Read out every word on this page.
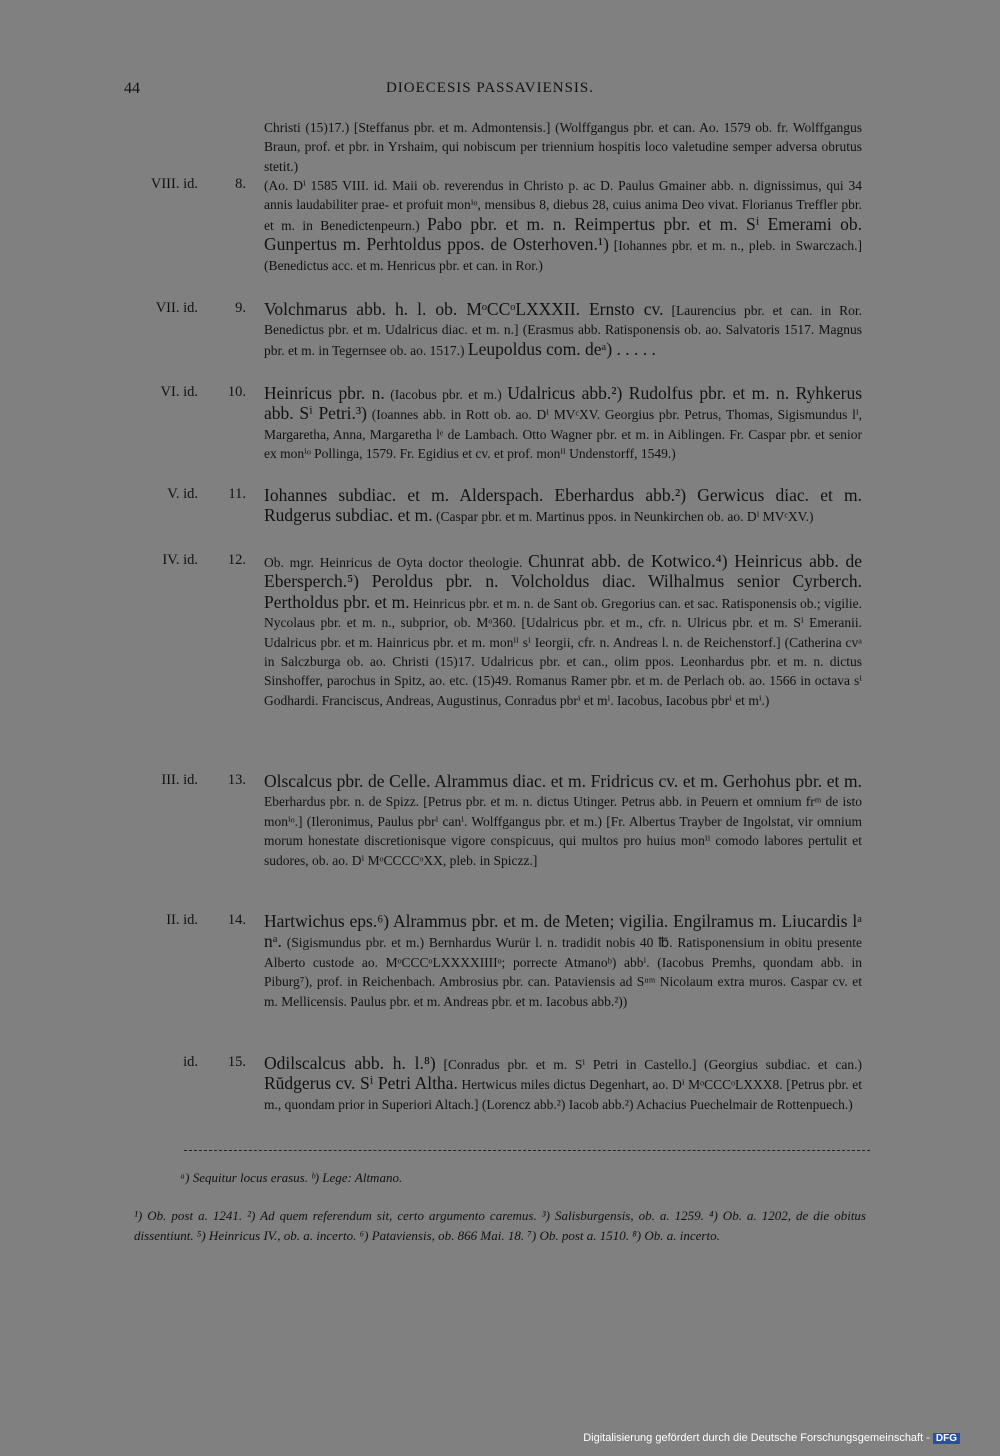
44	DIOECESIS PASSAVIENSIS.
Christi (15)17.) [Steffanus pbr. et m. Admontensis.] (Wolffgangus pbr. et can. Ao. 1579 ob. fr. Wolffgangus Braun, prof. et pbr. in Yrshaim, qui nobiscum per triennium hospitis loco valetudine semper adversa obrutus stetit.)
VIII. id.	8. (Ao. Dⁱ 1585 VIII. id. Maii ob. reverendus in Christo p. ac D. Paulus Gmainer abb. n. dignissimus, qui 34 annis laudabiliter prae- et profuit monⁱᵒ, mensibus 8, diebus 28, cuius anima Deo vivat. Florianus Treffler pbr. et m. in Benedictenpeurn.) Pabo pbr. et m. n. Reimpertus pbr. et m. Sⁱ Emerami ob. Gunpertus m. Perhtoldus ppos. de Osterhoven.¹) [Iohannes pbr. et m. n., pleb. in Swarczach.] (Benedictus acc. et m. Henricus pbr. et can. in Ror.)
VII. id.	9. Volchmarus abb. h. l. ob. MᵒCCᵒLXXXII. Ernsto cv. [Laurencius pbr. et can. in Ror. Benedictus pbr. et m. Udalricus diac. et m. n.] (Erasmus abb. Ratisponensis ob. ao. Salvatoris 1517. Magnus pbr. et m. in Tegernsee ob. ao. 1517.) Leupoldus com. deᵃ) . . . . .
VI. id.	10. Heinricus pbr. n. (Iacobus pbr. et m.) Udalricus abb.²) Rudolfus pbr. et m. n. Ryhkerus abb. Sⁱ Petri.³) (Ioannes abb. in Rott ob. ao. Dⁱ MVᶜXV. Georgius pbr. Petrus, Thomas, Sigismundus lⁱ, Margaretha, Anna, Margaretha lᵉ de Lambach. Otto Wagner pbr. et m. in Aiblingen. Fr. Caspar pbr. et senior ex monⁱᵒ Pollinga, 1579. Fr. Egidius et cv. et prof. monⁱⁱ Undenstorff, 1549.)
V. id.	11. Iohannes subdiac. et m. Alderspach. Eberhardus abb.²) Gerwicus diac. et m. Rudgerus subdiac. et m. (Caspar pbr. et m. Martinus ppos. in Neunkirchen ob. ao. Dⁱ MVᶜXV.)
IV. id.	12. Ob. mgr. Heinricus de Oyta doctor theologie. Chunrat abb. de Kotwico.⁴) Heinricus abb. de Ebersperch.⁵) Peroldus pbr. n. Volcholdus diac. Wilhalmus senior Cyrberch. Pertholdus pbr. et m. Heinricus pbr. et m. n. de Sant ob. Gregorius can. et sac. Ratisponensis ob.; vigilie. Nycolaus pbr. et m. n., subprior, ob. Mᵒ360. [Udalricus pbr. et m., cfr. n. Ulricus pbr. et m. Sⁱ Emeranii. Udalricus pbr. et m. Hainricus pbr. et m. monⁱⁱ sⁱ Ieorgii, cfr. n. Andreas l. n. de Reichenstorf.] (Catherina cvᵃ in Salczburga ob. ao. Christi (15)17. Udalricus pbr. et can., olim ppos. Leonhardus pbr. et m. n. dictus Sinshoffer, parochus in Spitz, ao. etc. (15)49. Romanus Ramer pbr. et m. de Perlach ob. ao. 1566 in octava sⁱ Godhardi. Franciscus, Andreas, Augustinus, Conradus pbrⁱ et mⁱ. Iacobus, Iacobus pbrⁱ et mⁱ.)
III. id.	13. Olscalcus pbr. de Celle. Alrammus diac. et m. Fridricus cv. et m. Gerhohus pbr. et m. Eberhardus pbr. n. de Spizz. [Petrus pbr. et m. n. dictus Utinger. Petrus abb. in Peuern et omnium frᵐ de isto monⁱᵒ.] (Ileronimus, Paulus pbrⁱ canⁱ. Wolffgangus pbr. et m.) [Fr. Albertus Trayber de Ingolstat, vir omnium morum honestate discretionisque vigore conspicuus, qui multos pro huius monⁱⁱ comodo labores pertulit et sudores, ob. ao. Dⁱ MᵒCCCCᵒXX, pleb. in Spiczz.]
II. id.	14. Hartwichus eps.⁶) Alrammus pbr. et m. de Meten; vigilia. Engilramus m. Liucardis lᵃ nᵃ. (Sigismundus pbr. et m.) Bernhardus Wurür l. n. tradidit nobis 40 ℔. Ratisponensium in obitu presente Alberto custode ao. MᵒCCCᵒLXXXXIIIIᵒ; porrecte Atmanoᵇ) abbⁱ. (Iacobus Premhs, quondam abb. in Piburg⁷), prof. in Reichenbach. Ambrosius pbr. can. Pataviensis ad Sᵘᵐ Nicolaum extra muros. Caspar cv. et m. Mellicensis. Paulus pbr. et m. Andreas pbr. et m. Iacobus abb.²))
id.	15. Odilscalcus abb. h. l.⁸) [Conradus pbr. et m. Sⁱ Petri in Castello.] (Georgius subdiac. et can.) Rŭdgerus cv. Sⁱ Petri Altha. Hertwicus miles dictus Degenhart, ao. Dⁱ MᵒCCCᵒLXXX8. [Petrus pbr. et m., quondam prior in Superiori Altach.] (Lorencz abb.²) Iacob abb.²) Achacius Puechelmair de Rottenpuech.)
ᵃ) Sequitur locus erasus. ᵇ) Lege: Altmano.
¹) Ob. post a. 1241. ²) Ad quem referendum sit, certo argumento caremus. ³) Salisburgensis, ob. a. 1259. ⁴) Ob. a. 1202, de die obitus dissentiunt. ⁵) Heinricus IV., ob. a. incerto. ⁶) Pataviensis, ob. 866 Mai. 18. ⁷) Ob. post a. 1510. ⁸) Ob. a. incerto.
Digitalisierung gefördert durch die Deutsche Forschungsgemeinschaft - DFG
